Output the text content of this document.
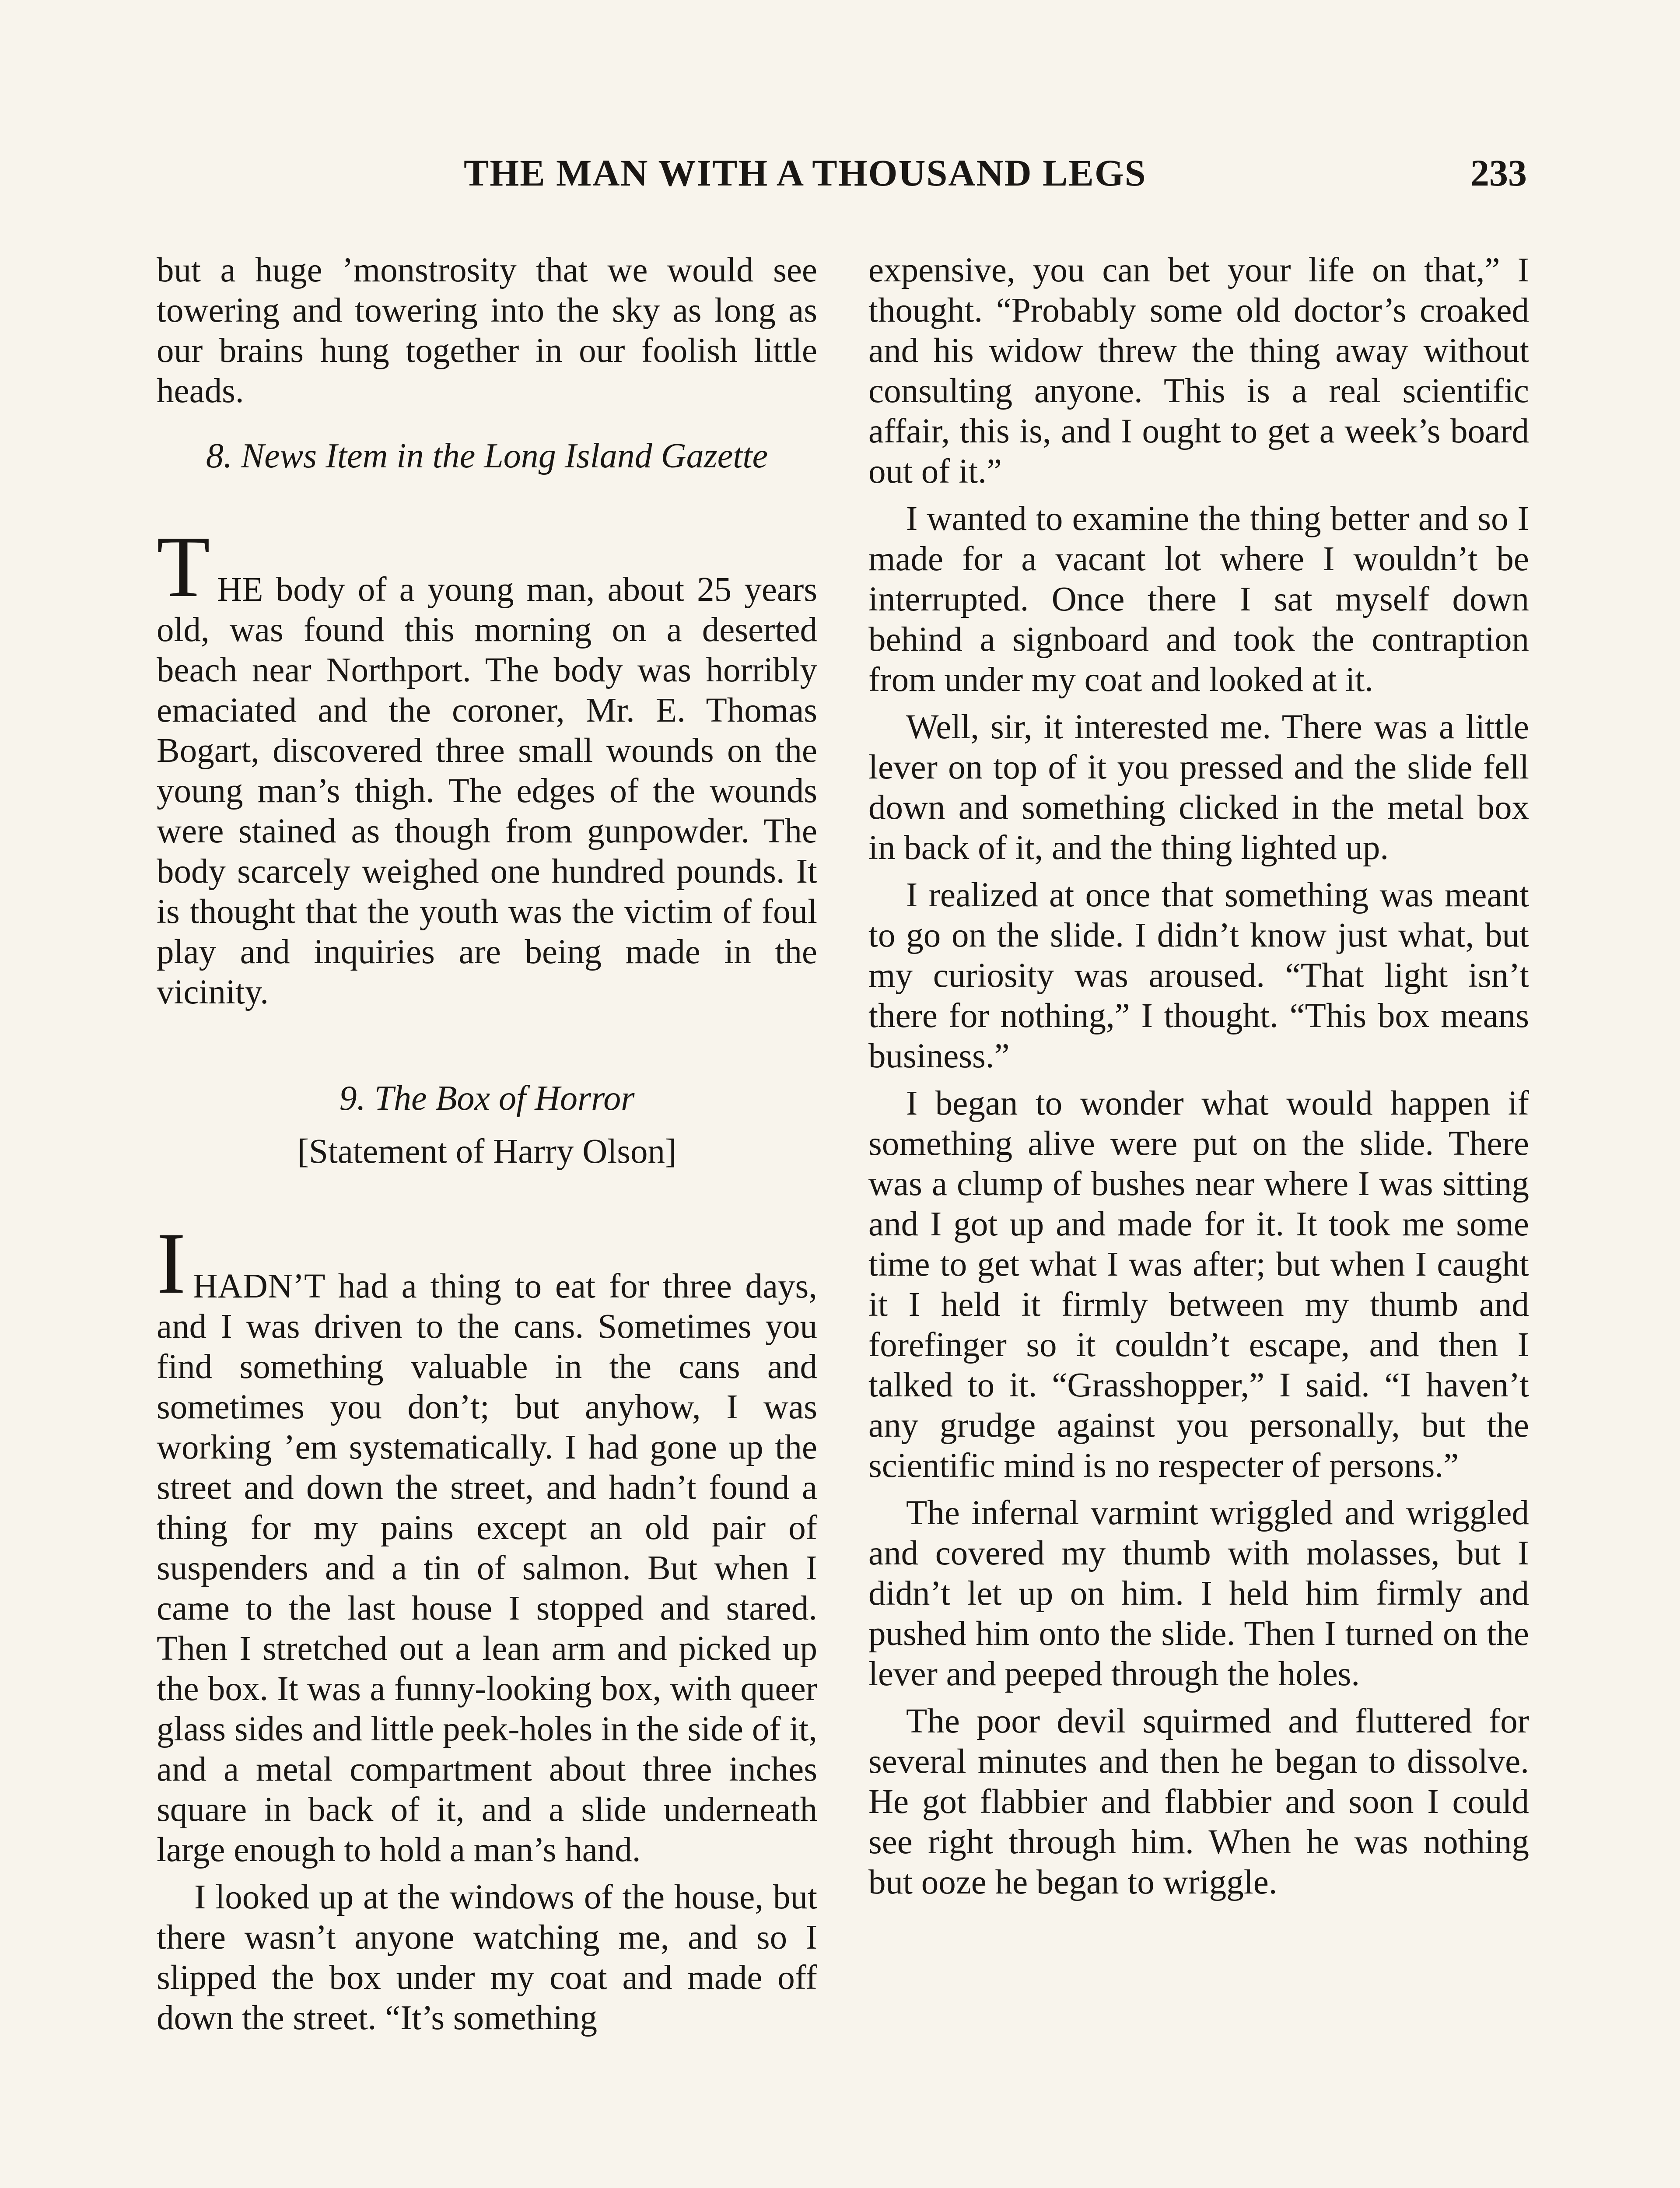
THE MAN WITH A THOUSAND LEGS	233

but a huge ’monstrosity that we would see towering and towering into the sky as long as our brains hung together in our foolish little heads.

8. News Item in the Long Island Gazette

T HE body of a young man, about 25 years old, was found this morning on a deserted beach near Northport. The body was horribly emaciated and the coroner, Mr. E. Thomas Bogart, discovered three small wounds on the young man’s thigh. The edges of the wounds were stained as though from gunpowder. The body scarcely weighed one hundred pounds. It is thought that the youth was the victim of foul play and inquiries are being made in the vicinity.

9. The Box of Horror

[Statement of Harry Olson]

I HADN’T had a thing to eat for three days, and I was driven to the cans. Sometimes you find something valuable in the cans and sometimes you don’t; but anyhow, I was working ’em systematically. I had gone up the street and down the street, and hadn’t found a thing for my pains except an old pair of suspenders and a tin of salmon. But when I came to the last house I stopped and stared. Then I stretched out a lean arm and picked up the box. It was a funny-looking box, with queer glass sides and little peek-holes in the side of it, and a metal compartment about three inches square in back of it, and a slide underneath large enough to hold a man’s hand.

I looked up at the windows of the house, but there wasn’t anyone watching me, and so I slipped the box under my coat and made off down the street. “It’s something

expensive, you can bet your life on that,” I thought. “Probably some old doctor’s croaked and his widow threw the thing away without consulting anyone. This is a real scientific affair, this is, and I ought to get a week’s board out of it.”

I wanted to examine the thing better and so I made for a vacant lot where I wouldn’t be interrupted. Once there I sat myself down behind a signboard and took the contraption from under my coat and looked at it.

Well, sir, it interested me. There was a little lever on top of it you pressed and the slide fell down and something clicked in the metal box in back of it, and the thing lighted up.

I realized at once that something was meant to go on the slide. I didn’t know just what, but my curiosity was aroused. “That light isn’t there for nothing,” I thought. “This box means business.”

I began to wonder what would happen if something alive were put on the slide. There was a clump of bushes near where I was sitting and I got up and made for it. It took me some time to get what I was after; but when I caught it I held it firmly between my thumb and forefinger so it couldn’t escape, and then I talked to it. “Grasshopper,” I said. “I haven’t any grudge against you personally, but the scientific mind is no respecter of persons.”

The infernal varmint wriggled and wriggled and covered my thumb with molasses, but I didn’t let up on him. I held him firmly and pushed him onto the slide. Then I turned on the lever and peeped through the holes.

The poor devil squirmed and fluttered for several minutes and then he began to dissolve. He got flabbier and flabbier and soon I could see right through him. When he was nothing but ooze he began to wriggle.
